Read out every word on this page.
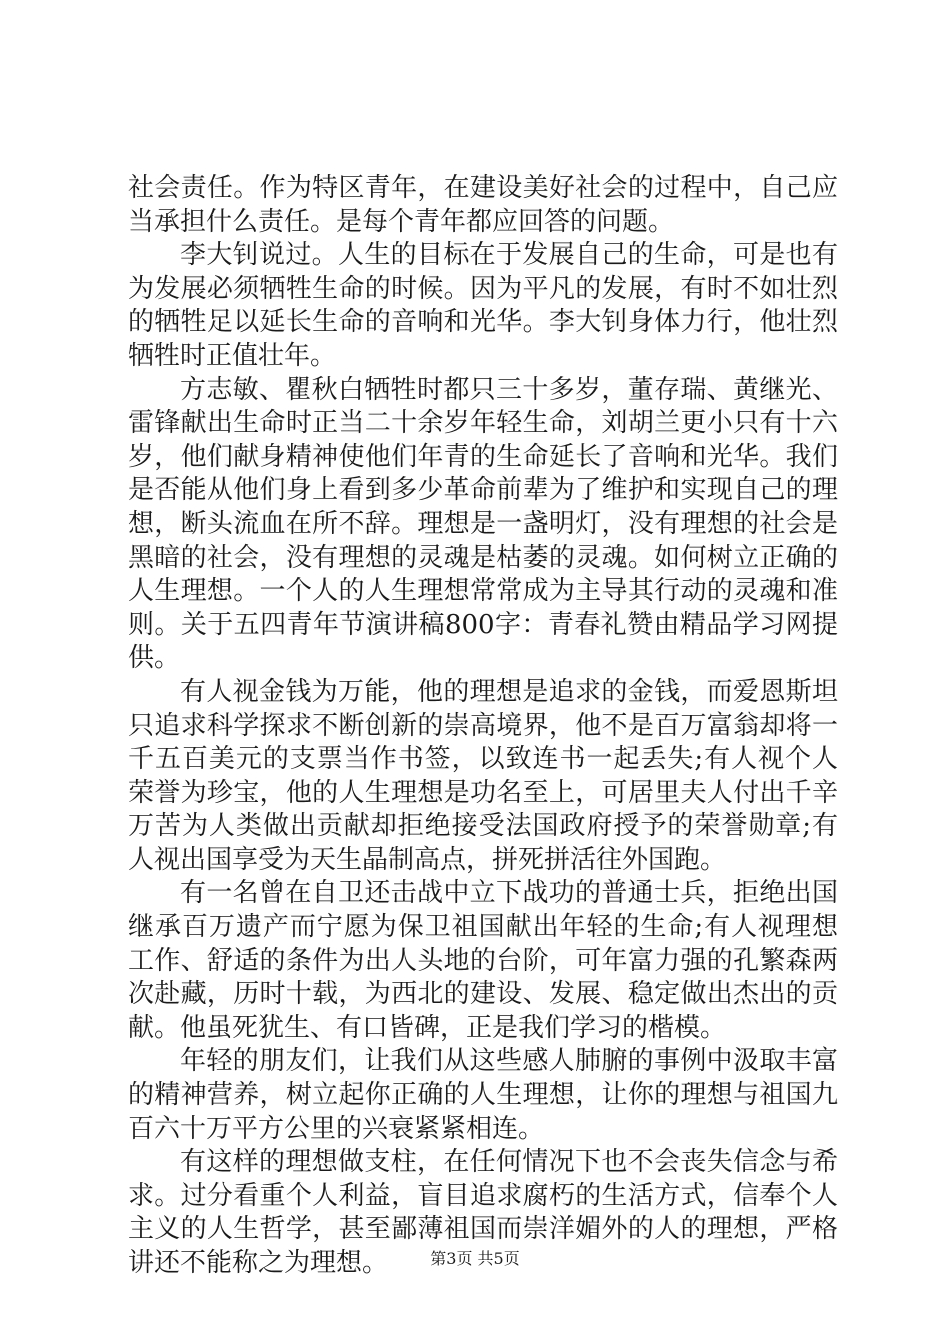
社会责任。作为特区青年，在建设美好社会的过程中，自己应当承担什么责任。是每个青年都应回答的问题。

李大钊说过。人生的目标在于发展自己的生命，可是也有为发展必须牺牲生命的时候。因为平凡的发展，有时不如壮烈的牺牲足以延长生命的音响和光华。李大钊身体力行，他壮烈牺牲时正值壮年。

方志敏、瞿秋白牺牲时都只三十多岁，董存瑞、黄继光、雷锋献出生命时正当二十余岁年轻生命，刘胡兰更小只有十六岁，他们献身精神使他们年青的生命延长了音响和光华。我们是否能从他们身上看到多少革命前辈为了维护和实现自己的理想，断头流血在所不辞。理想是一盏明灯，没有理想的社会是黑暗的社会，没有理想的灵魂是枯萎的灵魂。如何树立正确的人生理想。一个人的人生理想常常成为主导其行动的灵魂和准则。关于五四青年节演讲稿800字：青春礼赞由精品学习网提供。

有人视金钱为万能，他的理想是追求的金钱，而爱恩斯坦只追求科学探求不断创新的崇高境界，他不是百万富翁却将一千五百美元的支票当作书签，以致连书一起丢失;有人视个人荣誉为珍宝，他的人生理想是功名至上，可居里夫人付出千辛万苦为人类做出贡献却拒绝接受法国政府授予的荣誉勋章;有人视出国享受为天生晶制高点，拼死拼活往外国跑。

有一名曾在自卫还击战中立下战功的普通士兵，拒绝出国继承百万遗产而宁愿为保卫祖国献出年轻的生命;有人视理想工作、舒适的条件为出人头地的台阶，可年富力强的孔繁森两次赴藏，历时十载，为西北的建设、发展、稳定做出杰出的贡献。他虽死犹生、有口皆碑，正是我们学习的楷模。

年轻的朋友们，让我们从这些感人肺腑的事例中汲取丰富的精神营养，树立起你正确的人生理想，让你的理想与祖国九百六十万平方公里的兴衰紧紧相连。

有这样的理想做支柱，在任何情况下也不会丧失信念与希求。过分看重个人利益，盲目追求腐朽的生活方式，信奉个人主义的人生哲学，甚至鄙薄祖国而崇洋媚外的人的理想，严格讲还不能称之为理想。	第3页 共5页
